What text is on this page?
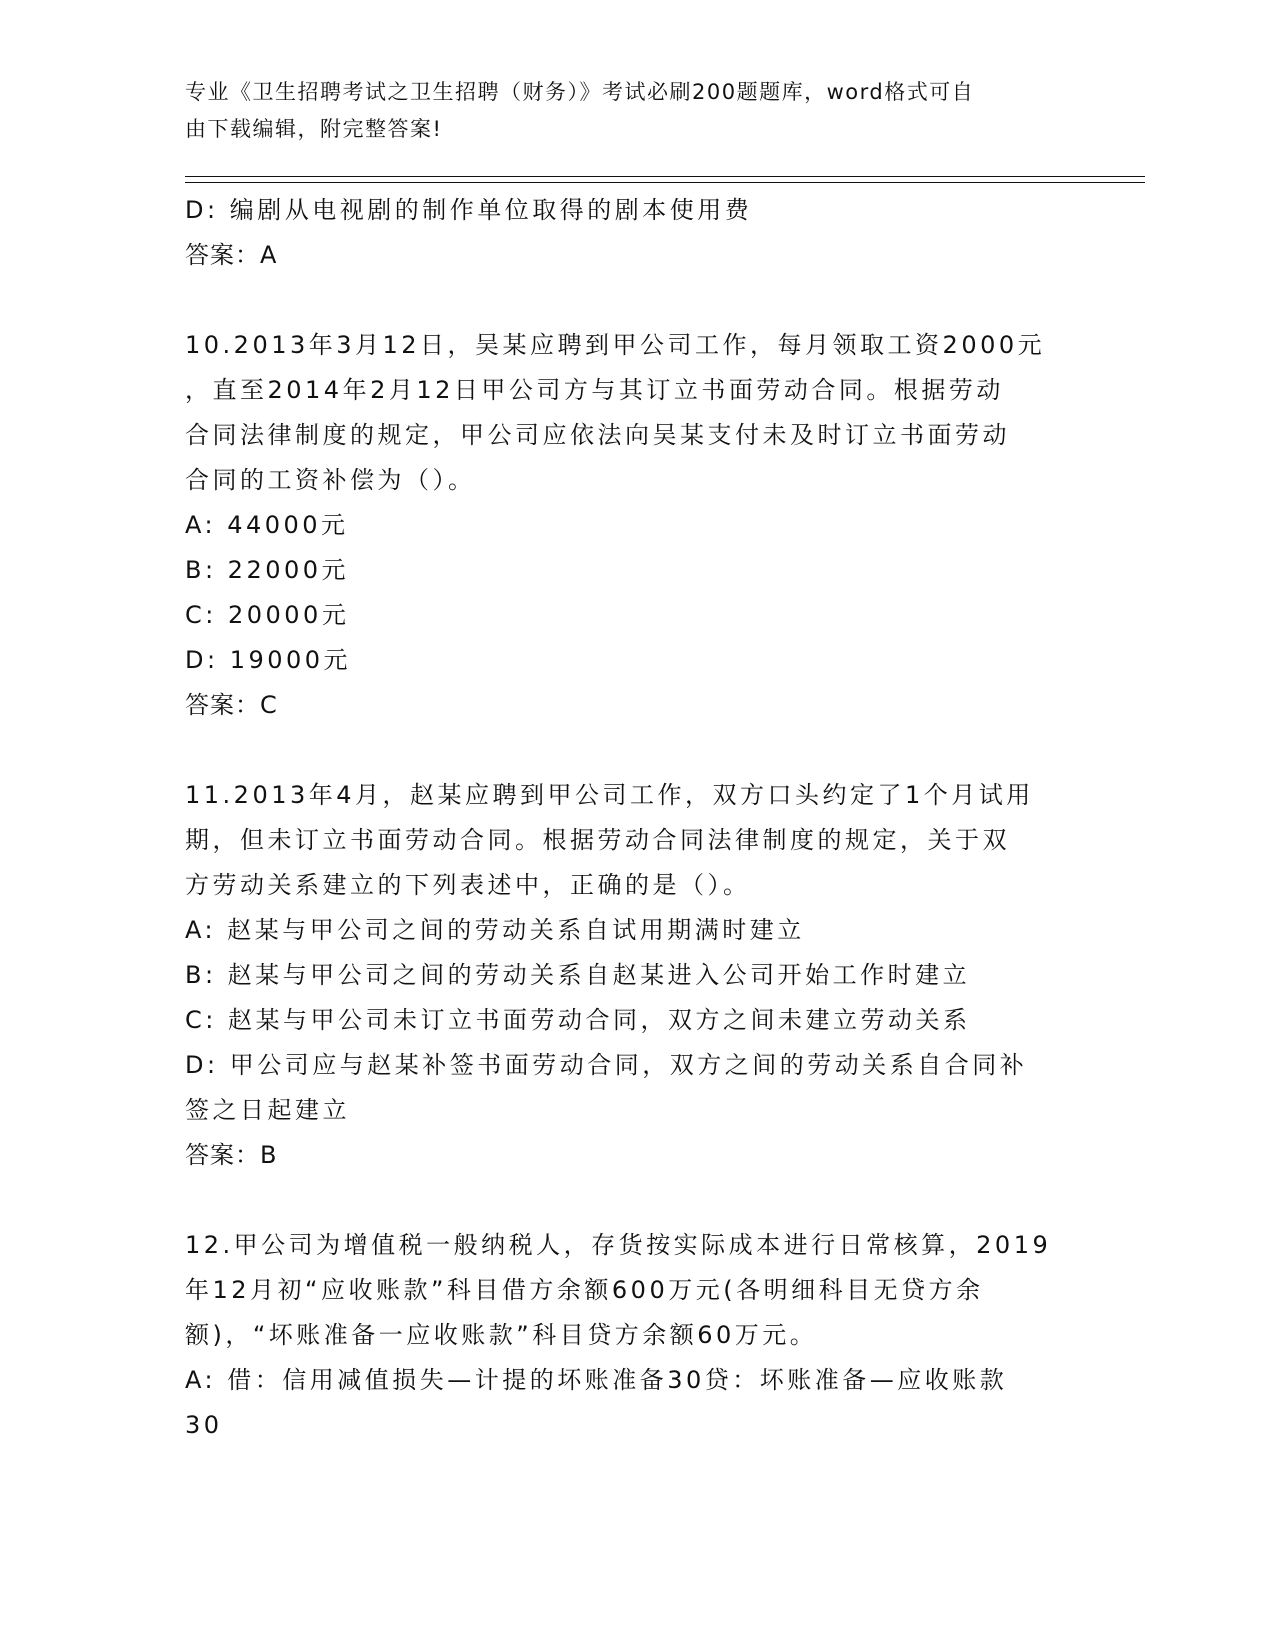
专业《卫生招聘考试之卫生招聘（财务）》考试必刷200题题库，word格式可自
由下载编辑，附完整答案!
D: 编剧从电视剧的制作单位取得的剧本使用费
答案：A
10.2013年3月12日，吴某应聘到甲公司工作，每月领取工资2000元
，直至2014年2月12日甲公司方与其订立书面劳动合同。根据劳动
合同法律制度的规定，甲公司应依法向吴某支付未及时订立书面劳动
合同的工资补偿为（）。
A: 44000元
B: 22000元
C: 20000元
D: 19000元
答案：C
11.2013年4月，赵某应聘到甲公司工作，双方口头约定了1个月试用
期，但未订立书面劳动合同。根据劳动合同法律制度的规定，关于双
方劳动关系建立的下列表述中，正确的是（）。
A: 赵某与甲公司之间的劳动关系自试用期满时建立
B: 赵某与甲公司之间的劳动关系自赵某进入公司开始工作时建立
C: 赵某与甲公司未订立书面劳动合同，双方之间未建立劳动关系
D: 甲公司应与赵某补签书面劳动合同，双方之间的劳动关系自合同补
签之日起建立
答案：B
12.甲公司为增值税一般纳税人，存货按实际成本进行日常核算，2019
年12月初“应收账款”科目借方余额600万元(各明细科目无贷方余
额)，“坏账准备一应收账款”科目贷方余额60万元。
A: 借：信用减值损失—计提的坏账准备30贷：坏账准备—应收账款
30
